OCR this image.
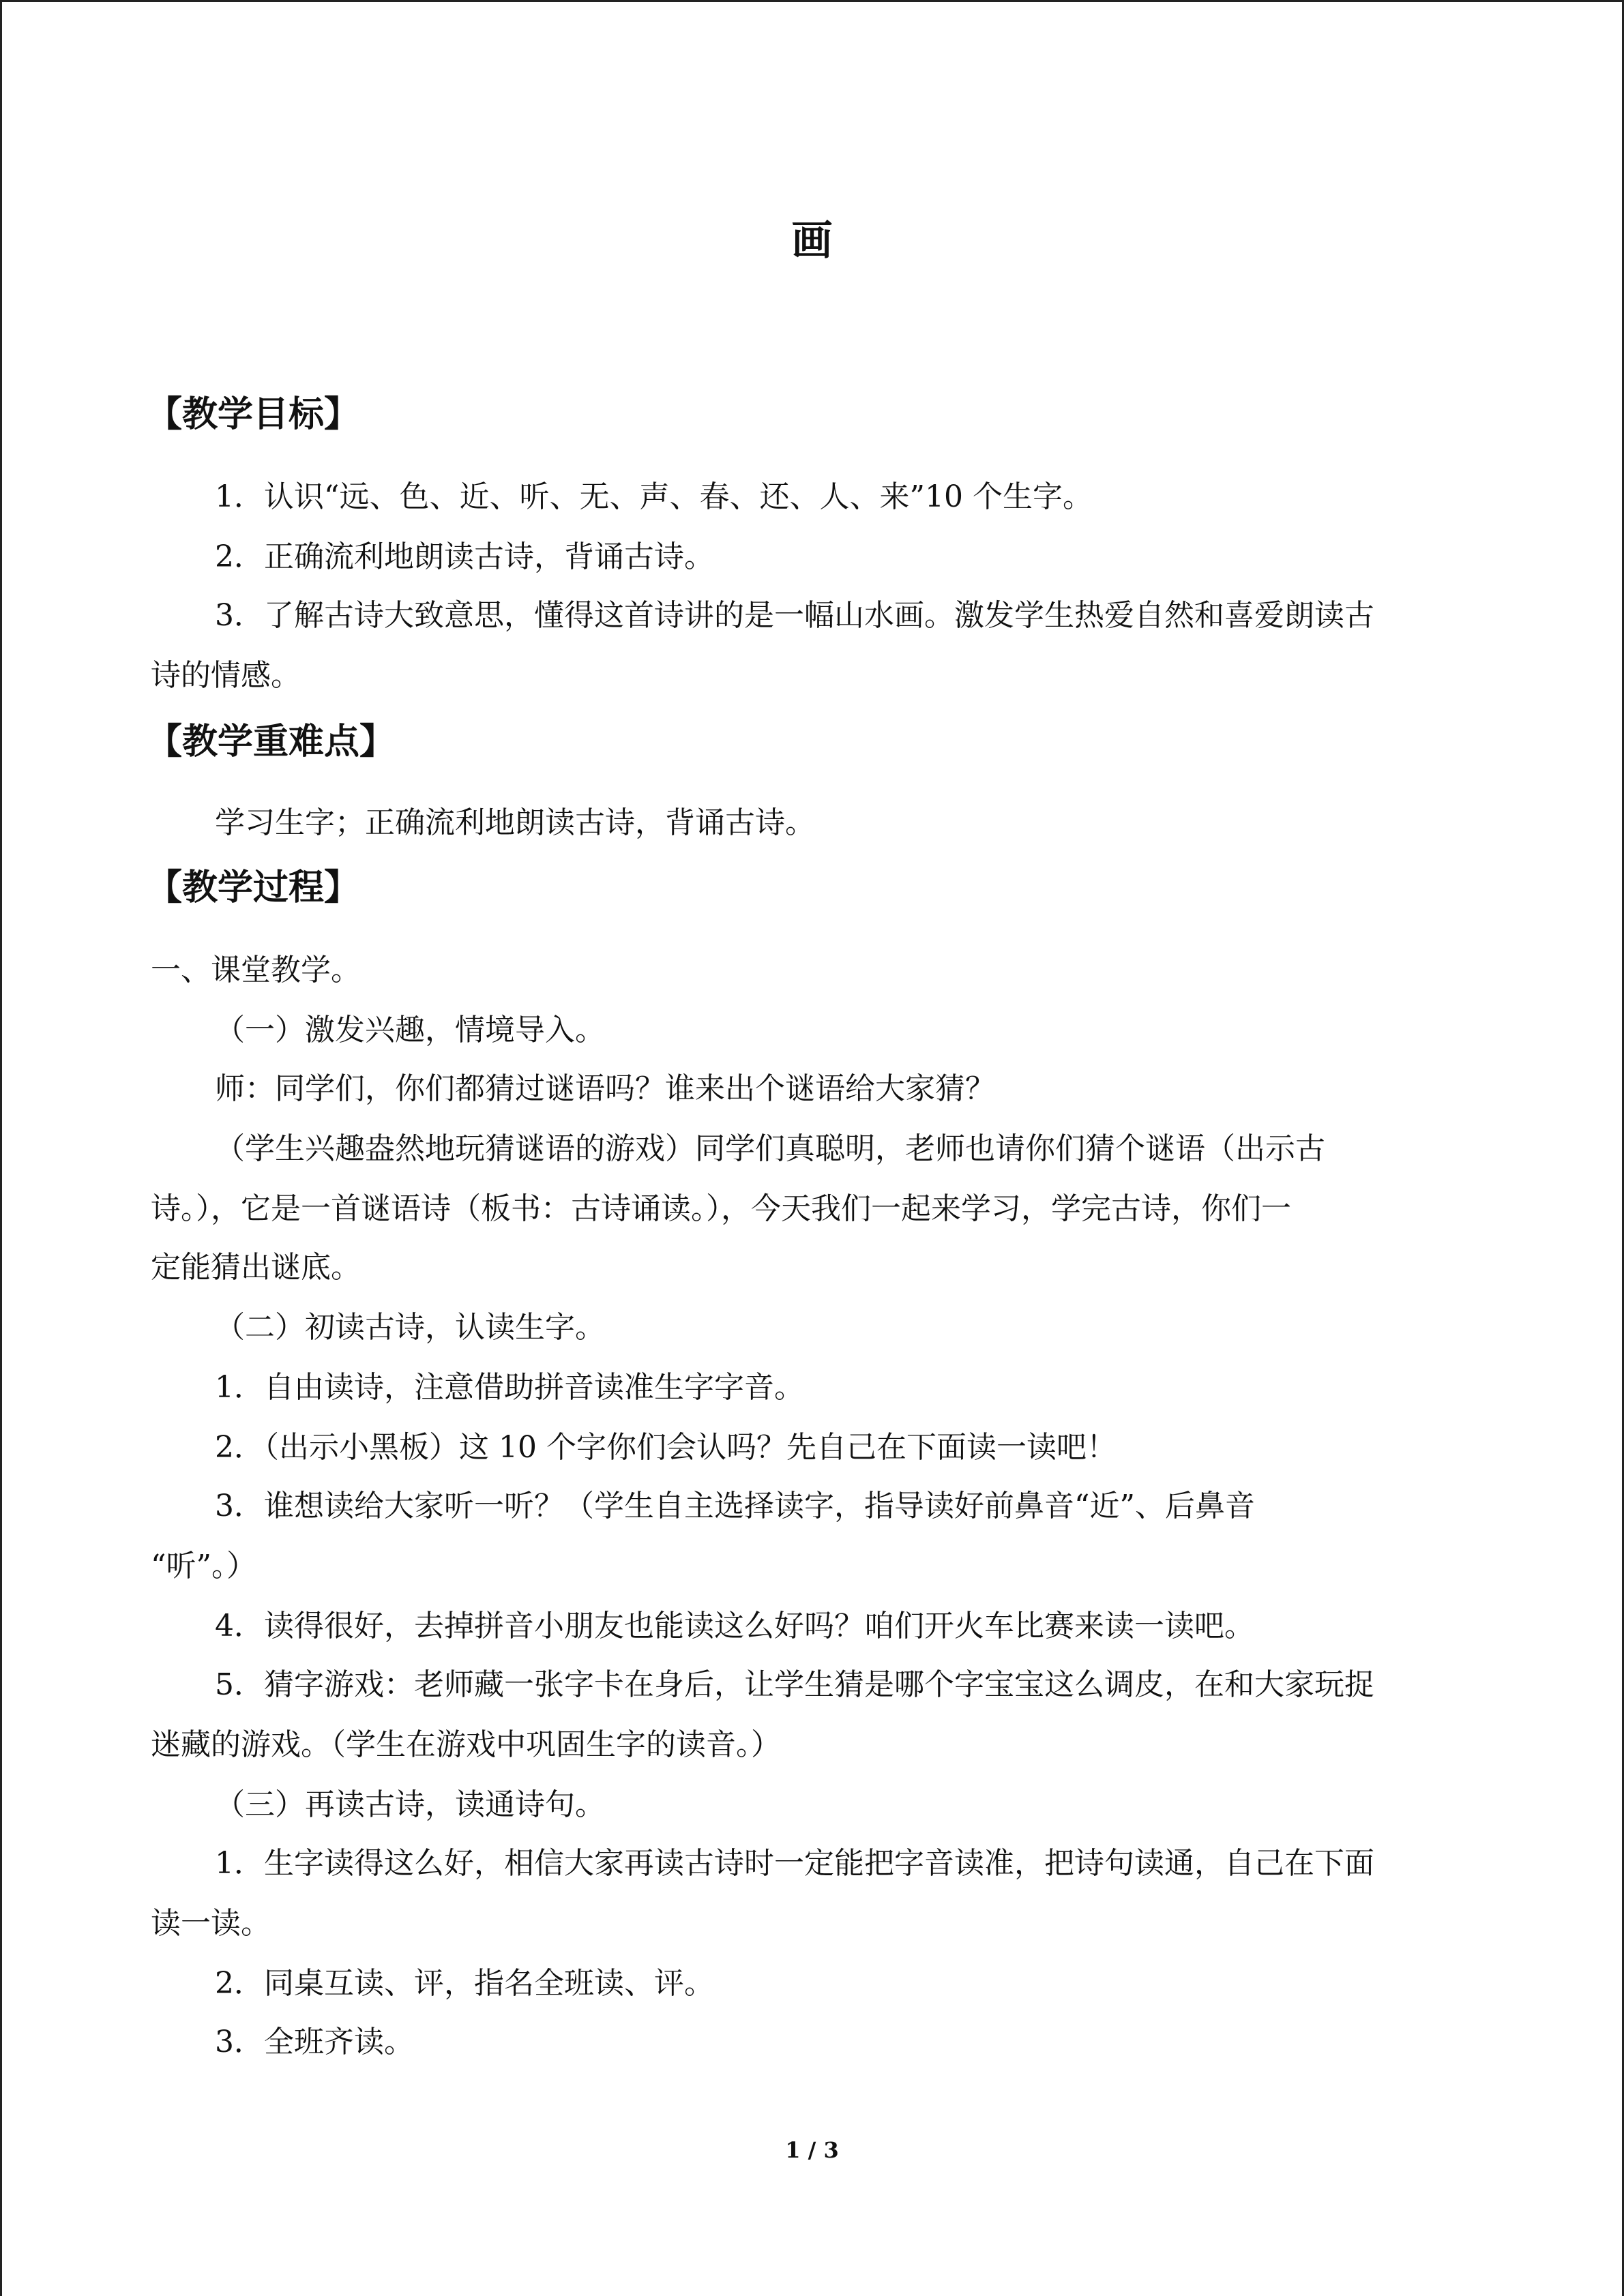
画
【教学目标】
1．认识“远、色、近、听、无、声、春、还、人、来”10 个生字。
2．正确流利地朗读古诗，背诵古诗。
3．了解古诗大致意思，懂得这首诗讲的是一幅山水画。激发学生热爱自然和喜爱朗读古
诗的情感。
【教学重难点】
学习生字；正确流利地朗读古诗，背诵古诗。
【教学过程】
一、课堂教学。
（一）激发兴趣，情境导入。
师：同学们，你们都猜过谜语吗？谁来出个谜语给大家猜？
（学生兴趣盎然地玩猜谜语的游戏）同学们真聪明，老师也请你们猜个谜语（出示古
诗。），它是一首谜语诗（板书：古诗诵读。），今天我们一起来学习，学完古诗，你们一
定能猜出谜底。
（二）初读古诗，认读生字。
1．自由读诗，注意借助拼音读准生字字音。
2．（出示小黑板）这 10 个字你们会认吗？先自己在下面读一读吧！
3．谁想读给大家听一听？（学生自主选择读字，指导读好前鼻音“近”、后鼻音
“听”。）
4．读得很好，去掉拼音小朋友也能读这么好吗？咱们开火车比赛来读一读吧。
5．猜字游戏：老师藏一张字卡在身后，让学生猜是哪个字宝宝这么调皮，在和大家玩捉
迷藏的游戏。（学生在游戏中巩固生字的读音。）
（三）再读古诗，读通诗句。
1．生字读得这么好，相信大家再读古诗时一定能把字音读准，把诗句读通，自己在下面
读一读。
2．同桌互读、评，指名全班读、评。
3．全班齐读。
1 / 3
